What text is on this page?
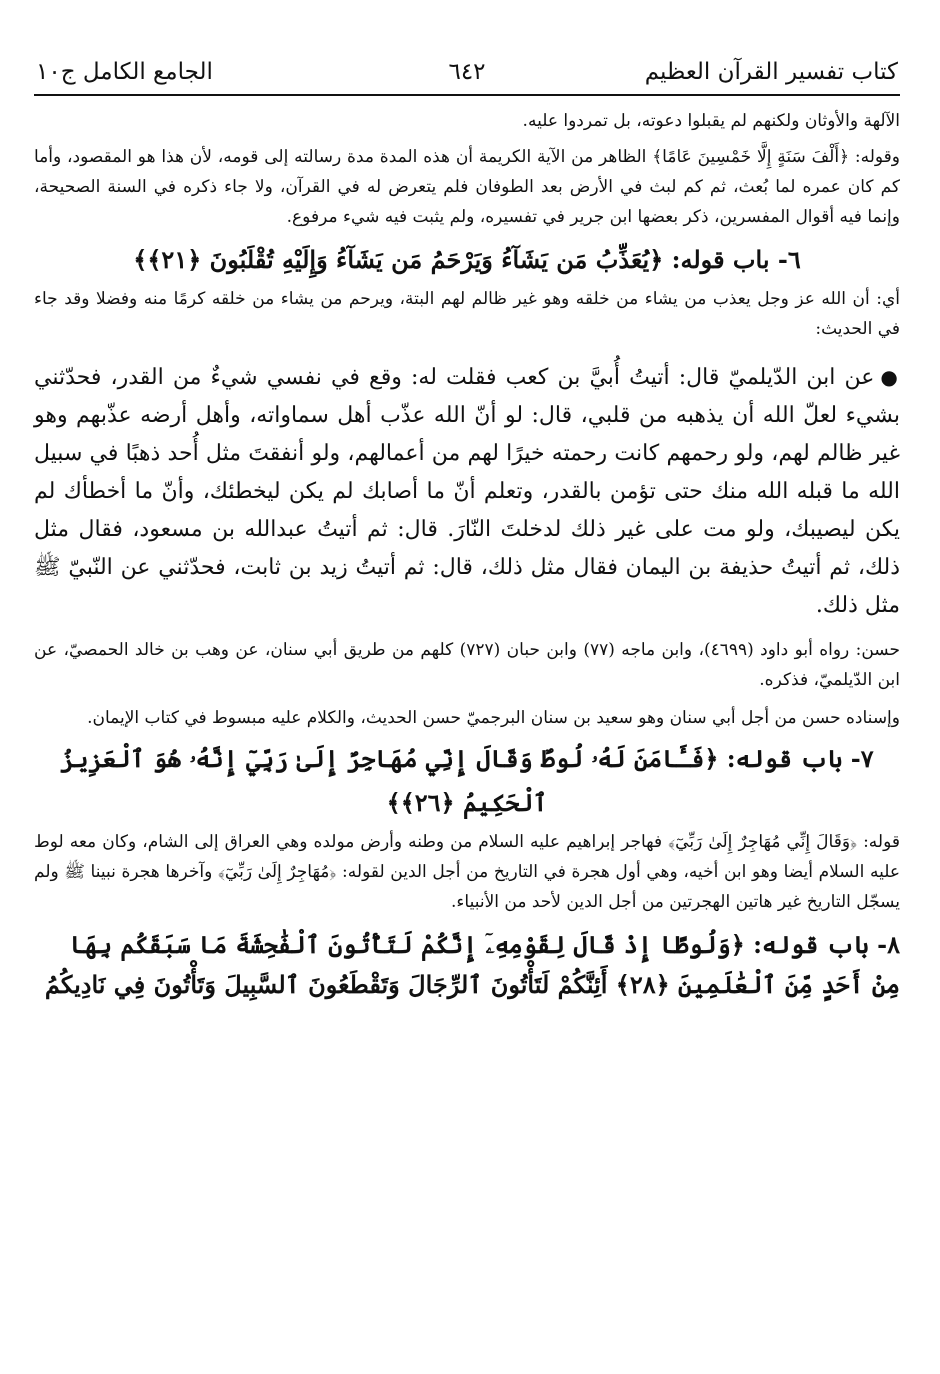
كتاب تفسير القرآن العظيم
٦٤٢
الجامع الكامل ج١٠

الآلهة والأوثان ولكنهم لم يقبلوا دعوته، بل تمردوا عليه.

وقوله: ﴿أَلْفَ سَنَةٍ إِلَّا خَمْسِينَ عَامًا﴾ الظاهر من الآية الكريمة أن هذه المدة مدة رسالته إلى قومه، لأن هذا هو المقصود، وأما كم كان عمره لما بُعث، ثم كم لبث في الأرض بعد الطوفان فلم يتعرض له في القرآن، ولا جاء ذكره في السنة الصحيحة، وإنما فيه أقوال المفسرين، ذكر بعضها ابن جرير في تفسيره، ولم يثبت فيه شيء مرفوع.

٦- باب قوله: ﴿يُعَذِّبُ مَن يَشَآءُ وَيَرْحَمُ مَن يَشَآءُ وَإِلَيْهِ تُقْلَبُونَ ﴿٢١﴾﴾

أي: أن الله عز وجل يعذب من يشاء من خلقه وهو غير ظالم لهم البتة، ويرحم من يشاء من خلقه كرمًا منه وفضلا وقد جاء في الحديث:

●عن ابن الدّيلميّ قال: أتيتُ أُبيَّ بن كعب فقلت له: وقع في نفسي شيءٌ من القدر، فحدّثني بشيء لعلّ الله أن يذهبه من قلبي، قال: لو أنّ الله عذّب أهل سماواته، وأهل أرضه عذّبهم وهو غير ظالم لهم، ولو رحمهم كانت رحمته خيرًا لهم من أعمالهم، ولو أنفقتَ مثل أُحد ذهبًا في سبيل الله ما قبله الله منك حتى تؤمن بالقدر، وتعلم أنّ ما أصابك لم يكن ليخطئك، وأنّ ما أخطأك لم يكن ليصيبك، ولو مت على غير ذلك لدخلتَ النّارَ. قال: ثم أتيتُ عبدالله بن مسعود، فقال مثل ذلك، ثم أتيتُ حذيفة بن اليمان فقال مثل ذلك، قال: ثم أتيتُ زيد بن ثابت، فحدّثني عن النّبيّ ﷺ مثل ذلك.

حسن: رواه أبو داود (٤٦٩٩)، وابن ماجه (٧٧) وابن حبان (٧٢٧) كلهم من طريق أبي سنان، عن وهب بن خالد الحمصيّ، عن ابن الدّيلميّ، فذكره.

وإسناده حسن من أجل أبي سنان وهو سعيد بن سنان البرجميّ حسن الحديث، والكلام عليه مبسوط في كتاب الإيمان.

٧- باب قوله: ﴿فَـَٔامَنَ لَهُۥ لُوطٌ وَقَالَ إِنِّي مُهَاجِرٌ إِلَىٰ رَبِّيٓ إِنَّهُۥ هُوَ ٱلْعَزِيزُ ٱلْحَكِيمُ ﴿٢٦﴾﴾

قوله: ﴿وَقَالَ إِنِّي مُهَاجِرٌ إِلَىٰ رَبِّيٓ﴾ فهاجر إبراهيم عليه السلام من وطنه وأرض مولده وهي العراق إلى الشام، وكان معه لوط عليه السلام أيضا وهو ابن أخيه، وهي أول هجرة في التاريخ من أجل الدين لقوله: ﴿مُهَاجِرٌ إِلَىٰ رَبِّيٓ﴾ وآخرها هجرة نبينا ﷺ ولم يسجّل التاريخ غير هاتين الهجرتين من أجل الدين لأحد من الأنبياء.

٨- باب قوله: ﴿وَلُوطًا إِذْ قَالَ لِقَوْمِهِۦٓ إِنَّكُمْ لَتَأْتُونَ ٱلْفَٰحِشَةَ مَا سَبَقَكُم بِهَا مِنْ أَحَدٍ مِّنَ ٱلْعَٰلَمِينَ ﴿٢٨﴾ أَئِنَّكُمْ لَتَأْتُونَ ٱلرِّجَالَ وَتَقْطَعُونَ ٱلسَّبِيلَ وَتَأْتُونَ فِي نَادِيكُمُ
